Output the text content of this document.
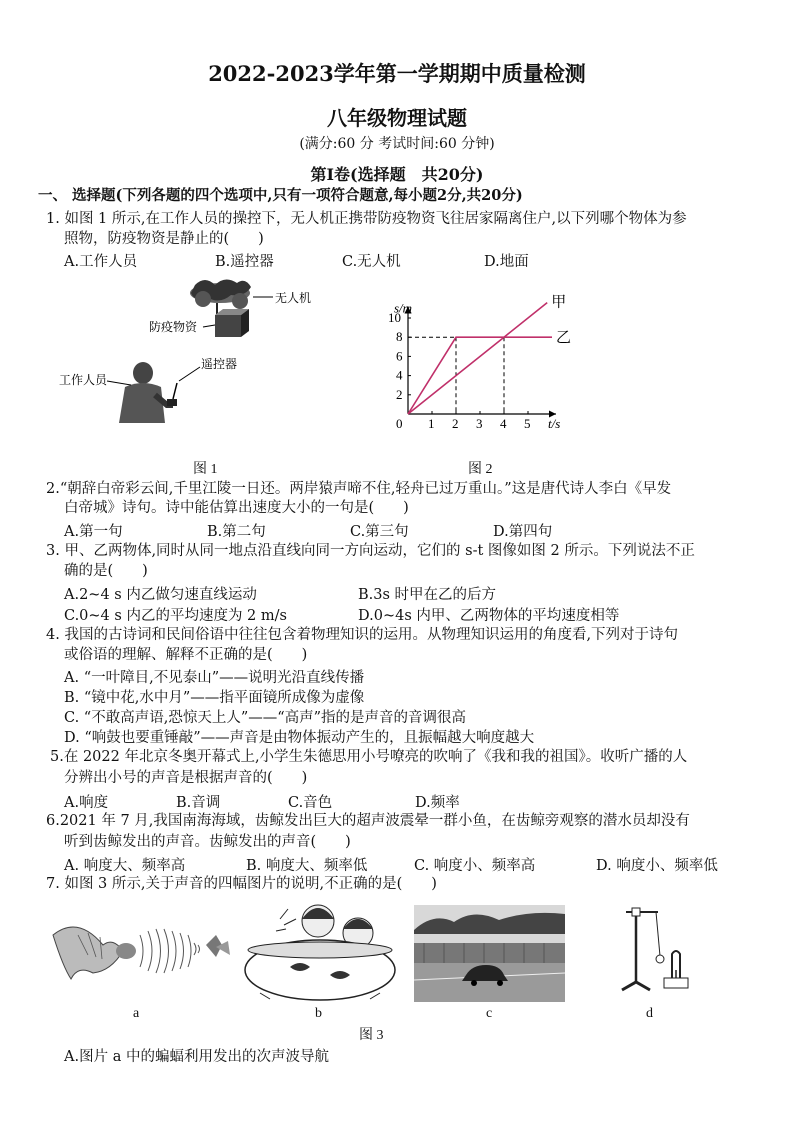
2022-2023学年第一学期期中质量检测
八年级物理试题
(满分:60 分 考试时间:60 分钟)
第Ⅰ卷(选择题　共20分)
一、 选择题(下列各题的四个选项中,只有一项符合题意,每小题2分,共20分)
1. 如图 1 所示,在工作人员的操控下，无人机正携带防疫物资飞往居家隔离住户,以下列哪个物体为参
照物，防疫物资是静止的(　　)
A.工作人员	B.遥控器	C.无人机	D.地面
无人机
防疫物资
工作人员
遥控器
图 1
1 2 3 4 5
2
4
6
8
10
0
甲
乙
s/m
t/s
图 2
2.“朝辞白帝彩云间,千里江陵一日还。两岸猿声啼不住,轻舟已过万重山。”这是唐代诗人李白《早发
白帝城》诗句。诗中能估算出速度大小的一句是(　　)
A.第一句	B.第二句	C.第三句	D.第四句
3. 甲、乙两物体,同时从同一地点沿直线向同一方向运动，它们的 s-t 图像如图 2 所示。下列说法不正
确的是(　　)
A.2~4 s 内乙做匀速直线运动	B.3s 时甲在乙的后方
C.0~4 s 内乙的平均速度为 2 m/s	D.0~4s 内甲、乙两物体的平均速度相等
4. 我国的古诗词和民间俗语中往往包含着物理知识的运用。从物理知识运用的角度看,下列对于诗句
或俗语的理解、解释不正确的是(　　)
A. “一叶障目,不见泰山”——说明光沿直线传播
B. “镜中花,水中月”——指平面镜所成像为虚像
C. “不敢高声语,恐惊天上人”——“高声”指的是声音的音调很高
D. “响鼓也要重锤敲”——声音是由物体振动产生的，且振幅越大响度越大
5.在 2022 年北京冬奥开幕式上,小学生朱德思用小号嘹亮的吹响了《我和我的祖国》。收听广播的人
分辨出小号的声音是根据声音的(　　)
A.响度	B.音调	C.音色	D.频率
6.2021 年 7 月,我国南海海域，齿鲸发出巨大的超声波震晕一群小鱼，在齿鲸旁观察的潜水员却没有
听到齿鲸发出的声音。齿鲸发出的声音(　　)
A. 响度大、频率高	B. 响度大、频率低	C. 响度小、频率高	D. 响度小、频率低
7. 如图 3 所示,关于声音的四幅图片的说明,不正确的是(　　)
a	b	c	d
图 3
A.图片 a 中的蝙蝠利用发出的次声波导航
